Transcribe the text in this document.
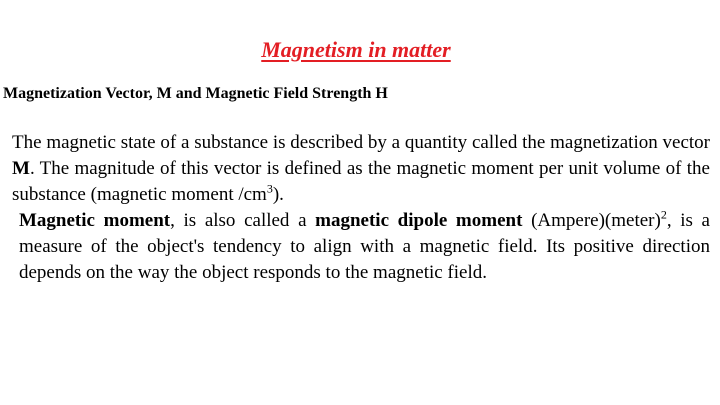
Magnetism in matter
Magnetization Vector, M and Magnetic Field Strength H

The magnetic state of a substance is described by a quantity called the magnetization vector M. The magnitude of this vector is defined as the magnetic moment per unit volume of the substance (magnetic moment $/cm^3$).

Magnetic moment, is also called a magnetic dipole moment (Ampere)(meter)$^2$, is a measure of the object's tendency to align with a magnetic field. Its positive direction depends on the way the object responds to the magnetic field.
